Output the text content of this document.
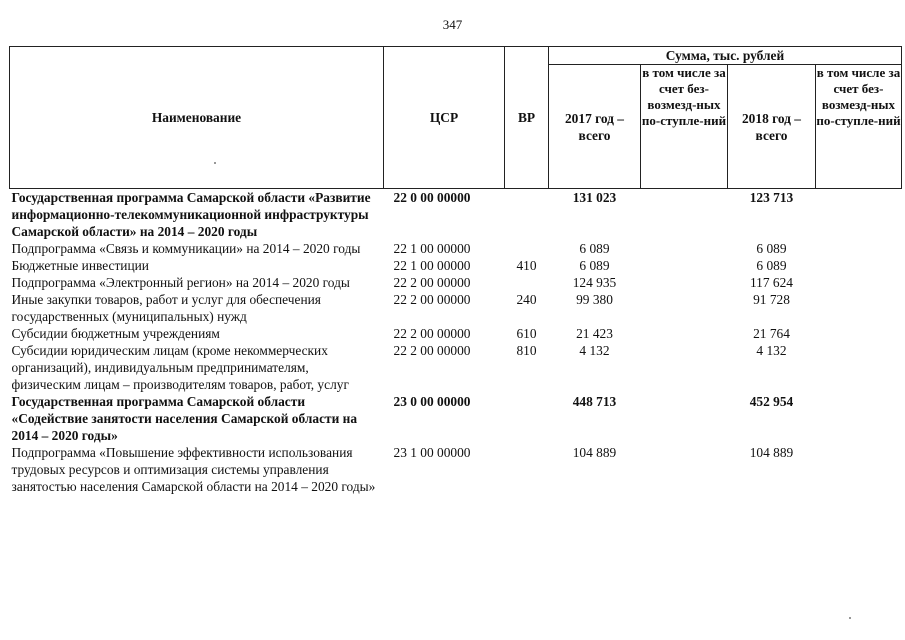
347
Наименование	ЦСР	ВР	Сумма, тыс. рублей			
			2017 год – всего	в том числе за счет без-возмезд-ных по-ступле-ний	2018 год – всего	в том числе за счет без-возмезд-ных по-ступле-ний
Государственная программа Самарской области «Развитие информационно-телекоммуникационной инфраструктуры Самарской области» на 2014 – 2020 годы	22 0 00 00000		131 023		123 713	
Подпрограмма «Связь и коммуникации» на 2014 – 2020 годы	22 1 00 00000		6 089		6 089	
Бюджетные инвестиции	22 1 00 00000	410	6 089		6 089	
Подпрограмма «Электронный регион» на 2014 – 2020 годы	22 2 00 00000		124 935		117 624	
Иные закупки товаров, работ и услуг для обеспечения государственных (муниципальных) нужд	22 2 00 00000	240	99 380		91 728	
Субсидии бюджетным учреждениям	22 2 00 00000	610	21 423		21 764	
Субсидии юридическим лицам (кроме некоммерческих организаций), индивидуальным предпринимателям, физическим лицам – производителям товаров, работ, услуг	22 2 00 00000	810	4 132		4 132	
Государственная программа Самарской области «Содействие занятости населения Самарской области на 2014 – 2020 годы»	23 0 00 00000		448 713		452 954	
Подпрограмма «Повышение эффективности использования трудовых ресурсов и оптимизация системы управления занятостью населения Самарской области на 2014 – 2020 годы»	23 1 00 00000		104 889		104 889	
